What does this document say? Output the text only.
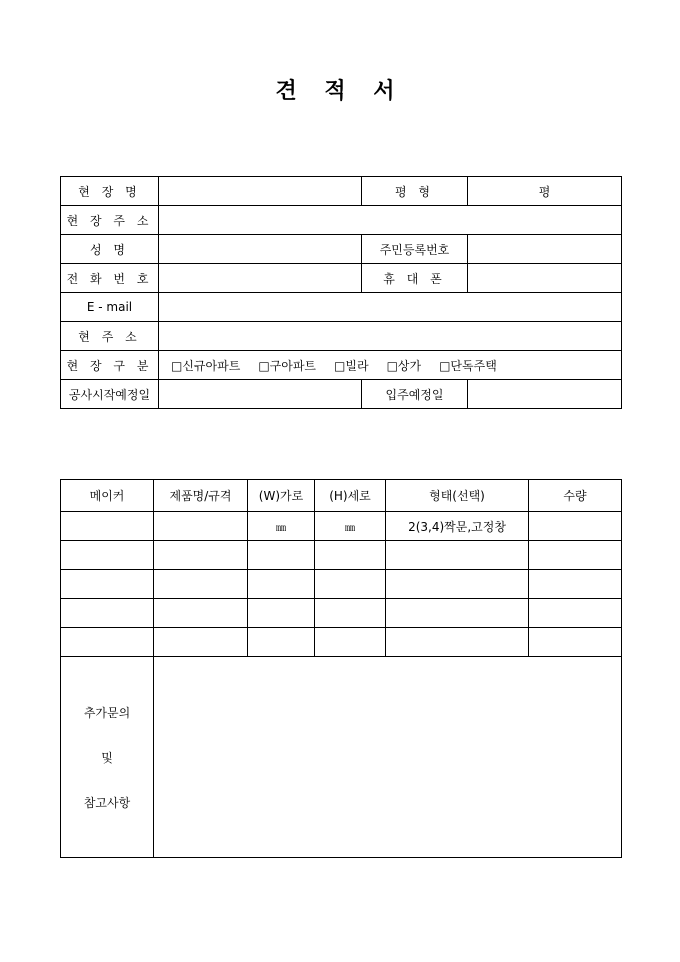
견 적 서
현 장 명		평 형	평
현 장 주 소			
성 명		주민등록번호	
전 화 번 호		휴 대 폰	
E - mail			
현 주 소			
현 장 구 분	□신규아파트 □구아파트 □빌라 □상가 □단독주택		
공사시작예정일		입주예정일	
메이커	제품명/규격	(W)가로	(H)세로	형태(선택)	수량
		㎜	㎜	2(3,4)짝문,고정창	

추가문의

및

참고사항					
